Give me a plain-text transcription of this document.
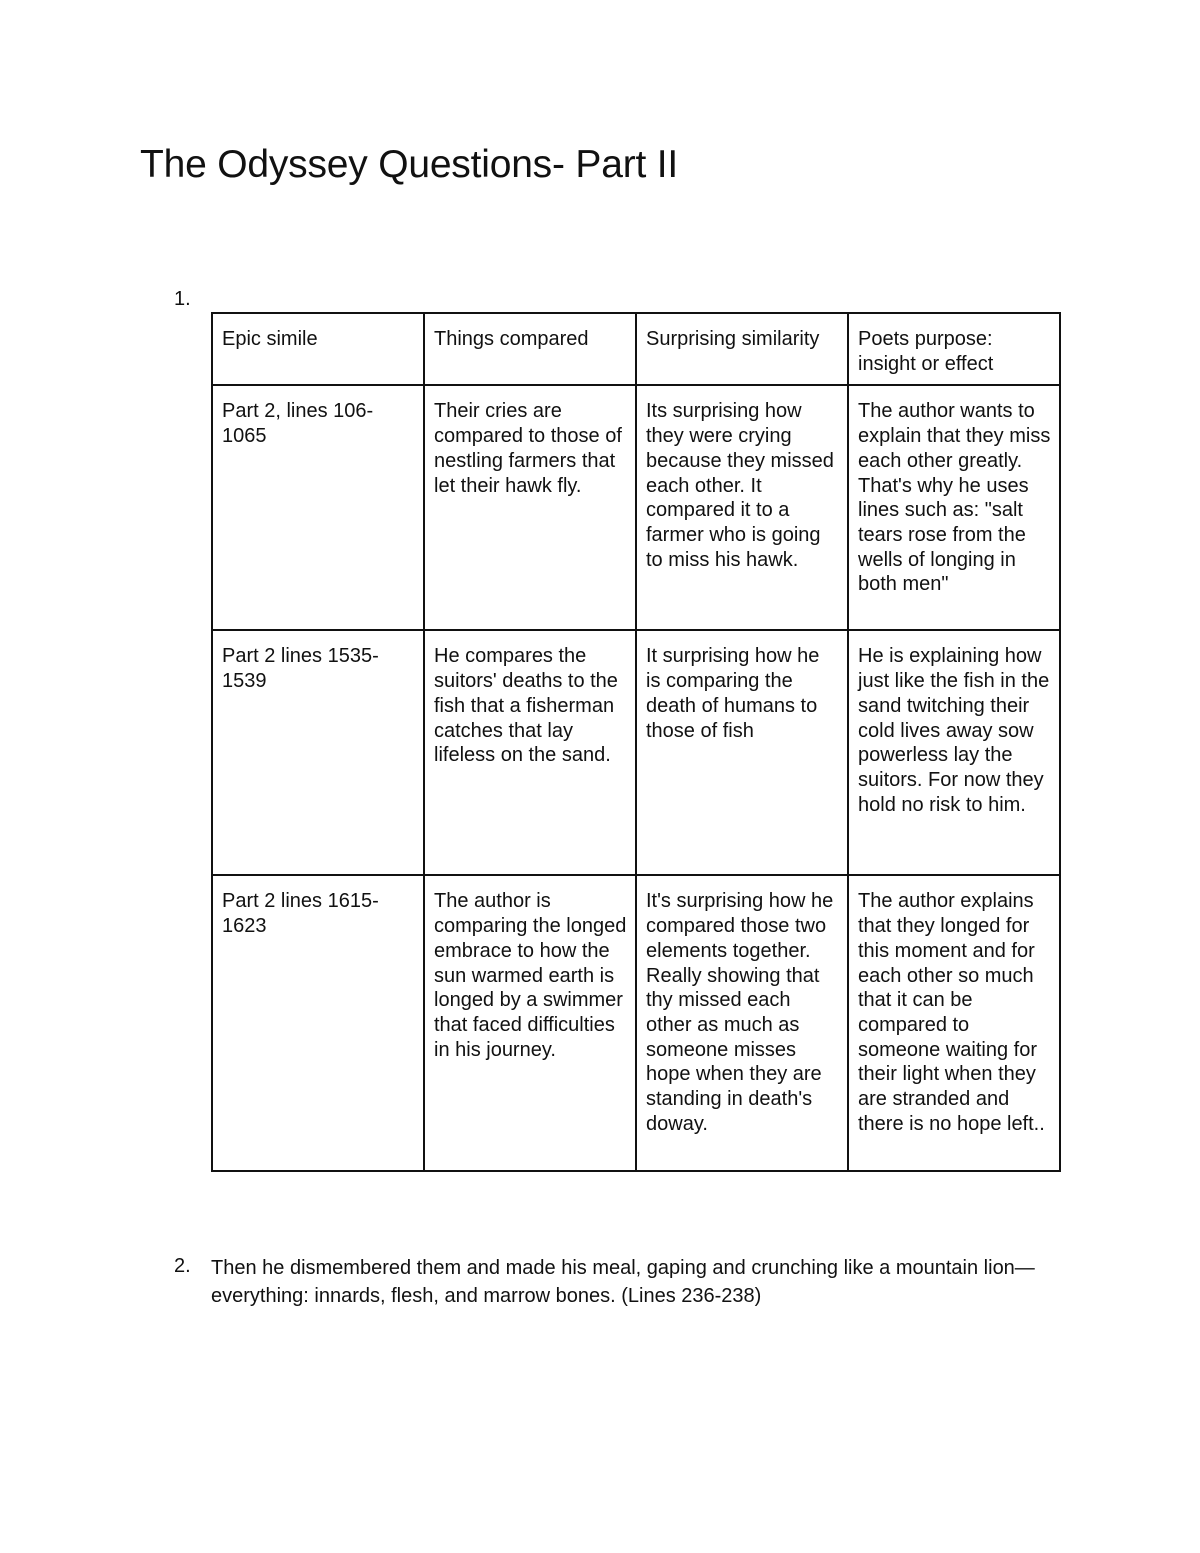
The Odyssey Questions- Part II
1.
Epic simile	Things compared	Surprising similarity	Poets purpose: insight or effect
Part 2, lines 106-1065	Their cries are compared to those of nestling farmers that let their hawk fly.	Its surprising how they were crying because they missed each other. It compared it to a farmer who is going to miss his hawk.	The author wants to explain that they miss each other greatly. That's why he uses lines such as: "salt tears rose from the wells of longing in both men"
Part 2 lines 1535-1539	He compares the suitors' deaths to the fish that a fisherman catches that lay lifeless on the sand.	It surprising how he is comparing the death of humans to those of fish	He is explaining how just like the fish in the sand twitching their cold lives away sow powerless lay the suitors. For now they hold no risk to him.
Part 2 lines 1615-1623	The author is comparing the longed embrace to how the sun warmed earth is longed by a swimmer that faced difficulties in his journey.	It's surprising how he compared those two elements together. Really showing that thy missed each other as much as someone misses hope when they are standing in death's doway.	The author explains that they longed for this moment and for each other so much that it can be compared to someone waiting for their light when they are stranded and there is no hope left..
2. Then he dismembered them and made his meal, gaping and crunching like a mountain lion— everything: innards, flesh, and marrow bones. (Lines 236-238)
